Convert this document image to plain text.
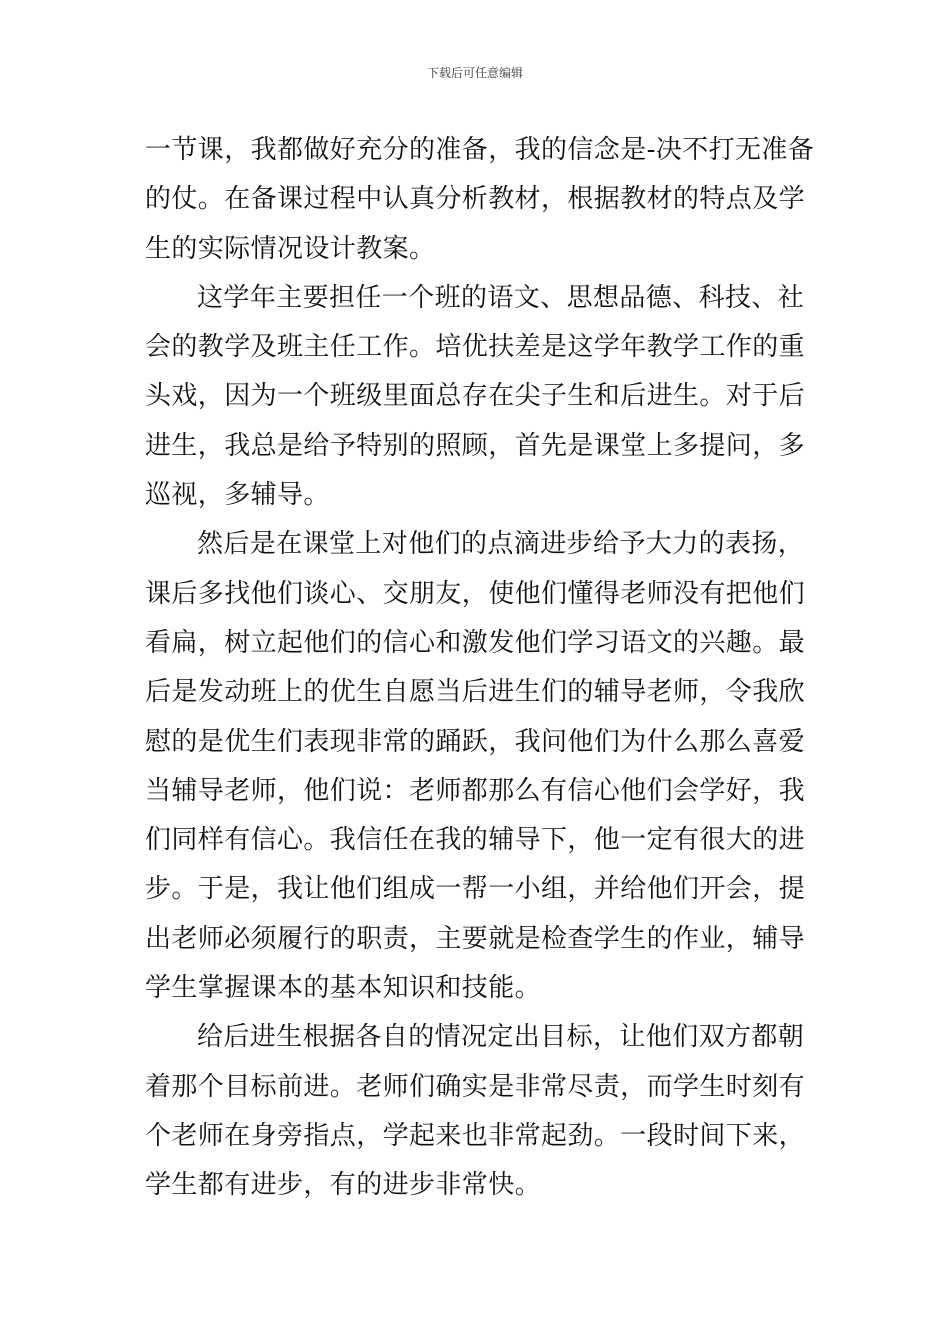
下载后可任意编辑
一节课，我都做好充分的准备，我的信念是-决不打无准备
的仗。在备课过程中认真分析教材，根据教材的特点及学
生的实际情况设计教案。
这学年主要担任一个班的语文、思想品德、科技、社
会的教学及班主任工作。培优扶差是这学年教学工作的重
头戏，因为一个班级里面总存在尖子生和后进生。对于后
进生，我总是给予特别的照顾，首先是课堂上多提问，多
巡视，多辅导。
然后是在课堂上对他们的点滴进步给予大力的表扬，
课后多找他们谈心、交朋友，使他们懂得老师没有把他们
看扁，树立起他们的信心和激发他们学习语文的兴趣。最
后是发动班上的优生自愿当后进生们的辅导老师，令我欣
慰的是优生们表现非常的踊跃，我问他们为什么那么喜爱
当辅导老师，他们说：老师都那么有信心他们会学好，我
们同样有信心。我信任在我的辅导下，他一定有很大的进
步。于是，我让他们组成一帮一小组，并给他们开会，提
出老师必须履行的职责，主要就是检查学生的作业，辅导
学生掌握课本的基本知识和技能。
给后进生根据各自的情况定出目标，让他们双方都朝
着那个目标前进。老师们确实是非常尽责，而学生时刻有
个老师在身旁指点，学起来也非常起劲。一段时间下来，
学生都有进步，有的进步非常快。
